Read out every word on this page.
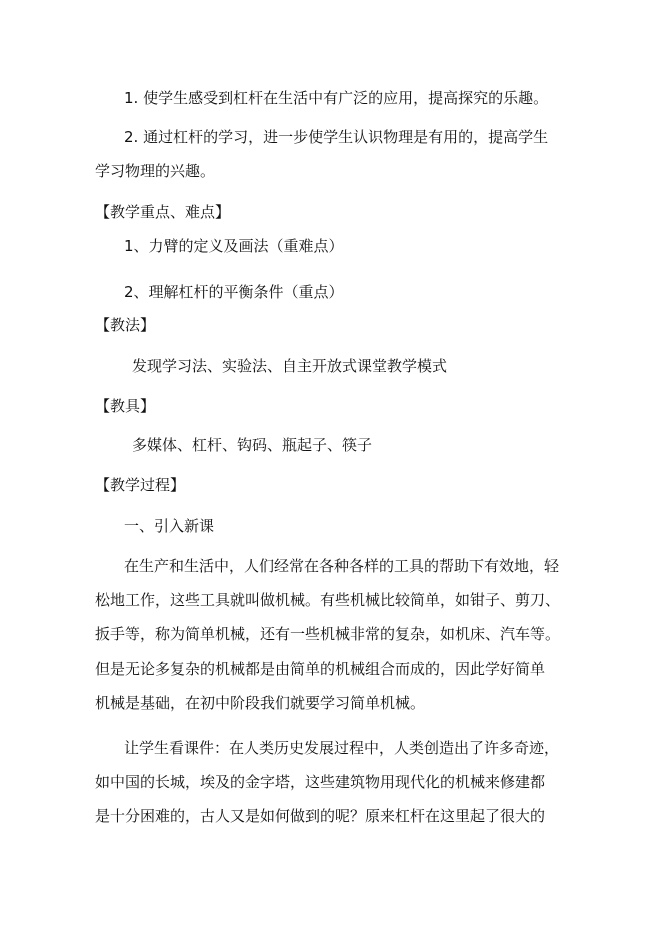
1. 使学生感受到杠杆在生活中有广泛的应用，提高探究的乐趣。
2. 通过杠杆的学习，进一步使学生认识物理是有用的，提高学生
学习物理的兴趣。
【教学重点、难点】
1、力臂的定义及画法（重难点）
2、理解杠杆的平衡条件（重点）
【教法】
发现学习法、实验法、自主开放式课堂教学模式
【教具】
多媒体、杠杆、钩码、瓶起子、筷子
【教学过程】
一、引入新课
在生产和生活中，人们经常在各种各样的工具的帮助下有效地，轻
松地工作，这些工具就叫做机械。有些机械比较简单，如钳子、剪刀、
扳手等，称为简单机械，还有一些机械非常的复杂，如机床、汽车等。
但是无论多复杂的机械都是由简单的机械组合而成的，因此学好简单
机械是基础，在初中阶段我们就要学习简单机械。
让学生看课件：在人类历史发展过程中，人类创造出了许多奇迹，
如中国的长城，埃及的金字塔，这些建筑物用现代化的机械来修建都
是十分困难的，古人又是如何做到的呢？原来杠杆在这里起了很大的
